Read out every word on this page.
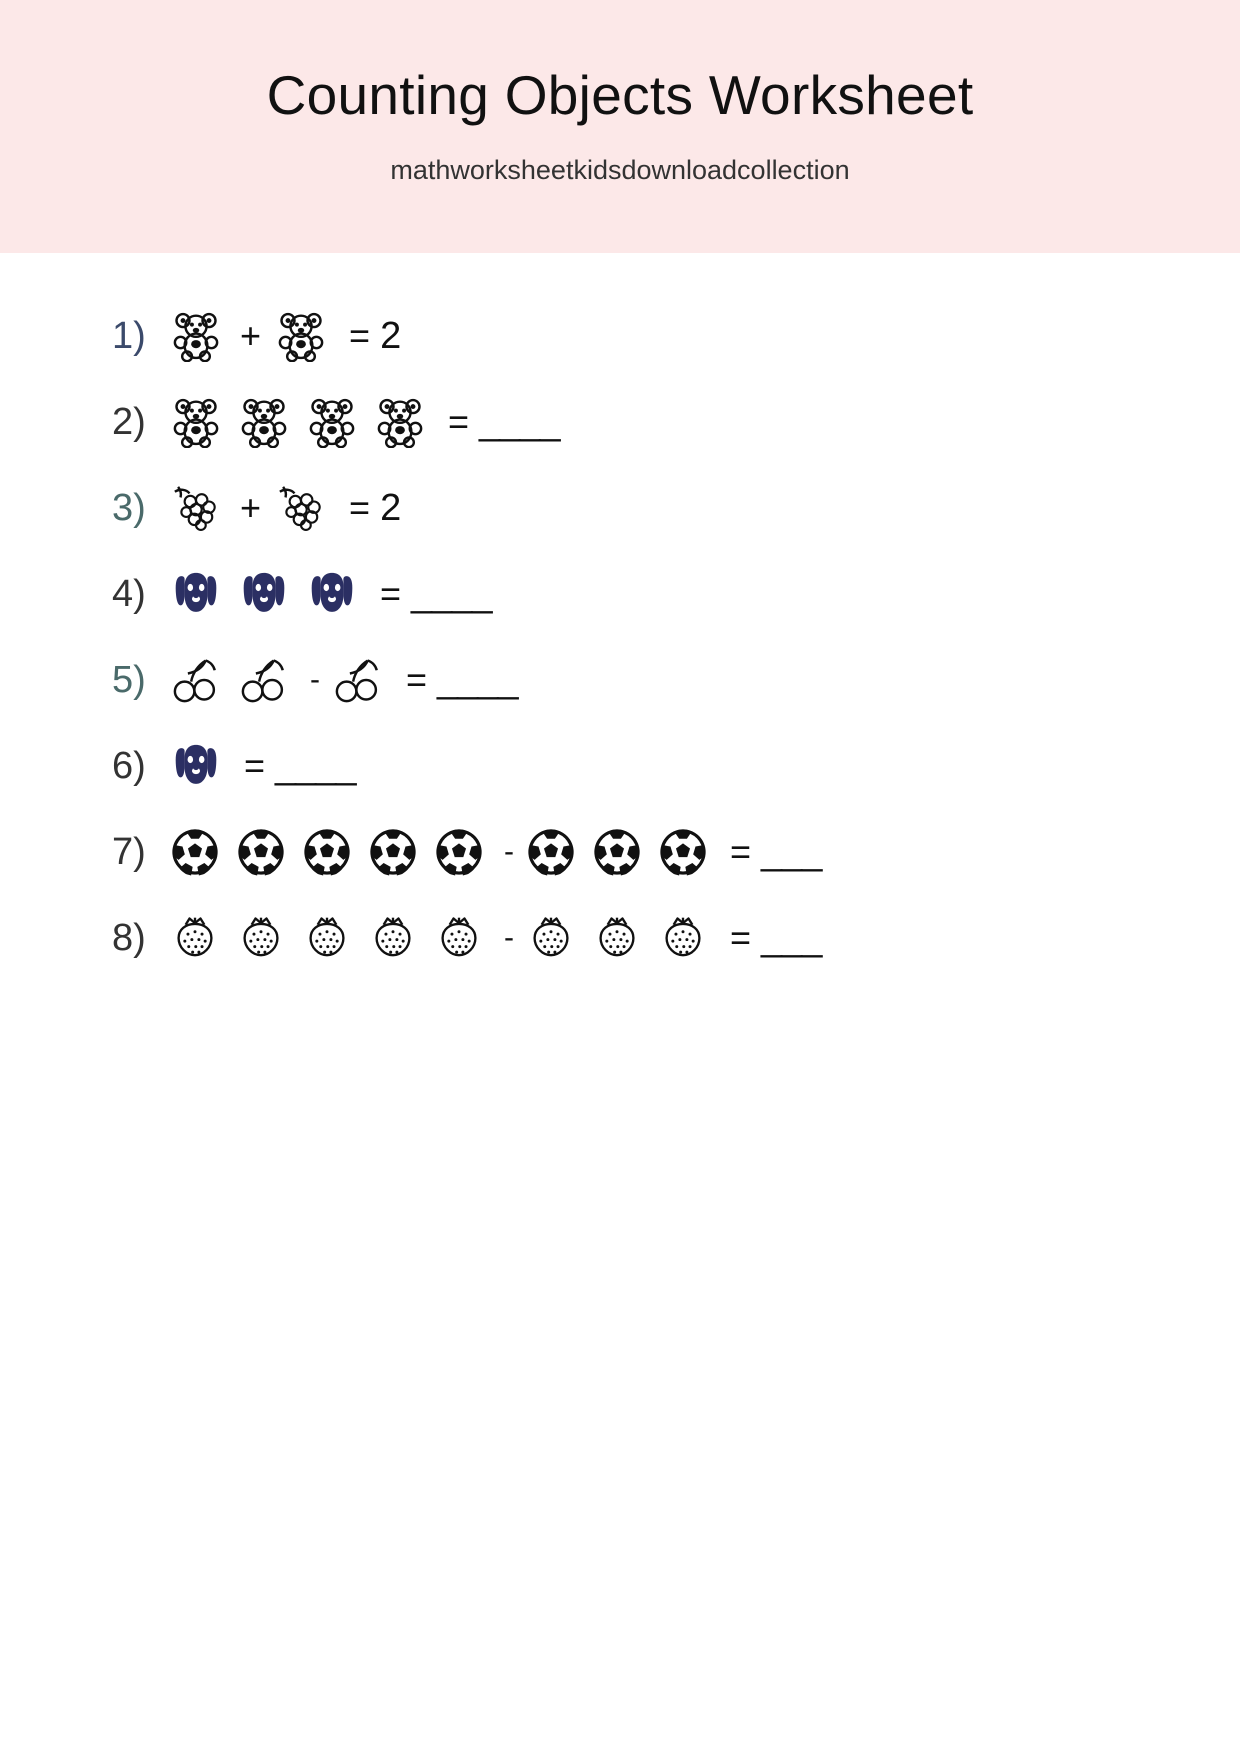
Counting Objects Worksheet
mathworksheetkidsdownloadcollection
1)	+ = 2
2)	= ____
3)	+ = 2
4)	= ____
5)	- = ____
6)	= ____
7)	-	= ___
8)	-	= ___
